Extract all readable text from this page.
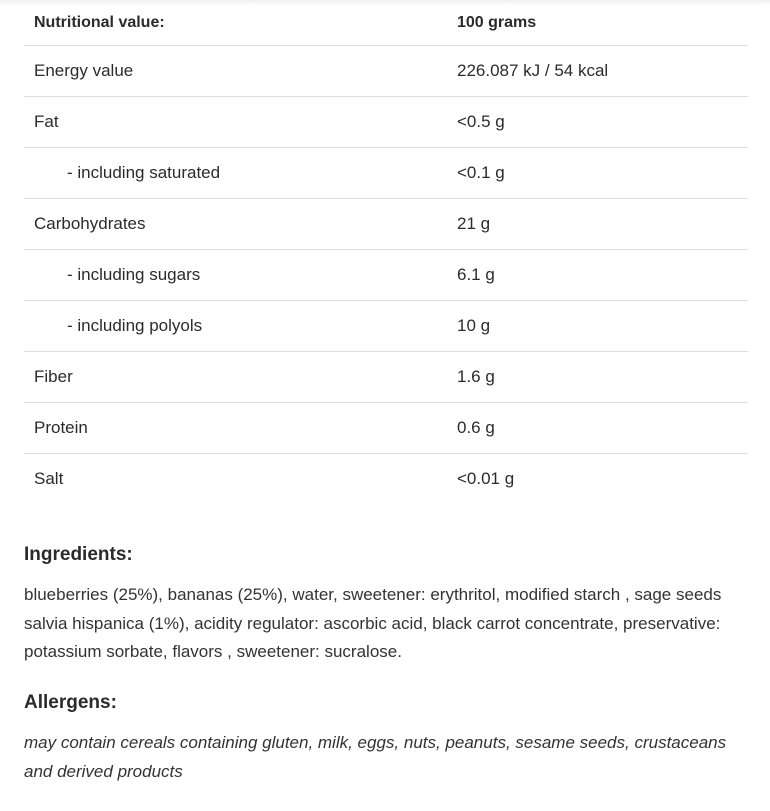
Nutritional value:	100 grams
Energy value	226.087 kJ / 54 kcal
Fat	<0.5 g
- including saturated	<0.1 g
Carbohydrates	21 g
- including sugars	6.1 g
- including polyols	10 g
Fiber	1.6 g
Protein	0.6 g
Salt	<0.01 g
Ingredients:

blueberries (25%), bananas (25%), water, sweetener: erythritol, modified starch , sage seeds salvia hispanica (1%), acidity regulator: ascorbic acid, black carrot concentrate, preservative: potassium sorbate, flavors , sweetener: sucralose.

Allergens:

may contain cereals containing gluten, milk, eggs, nuts, peanuts, sesame seeds, crustaceans and derived products
